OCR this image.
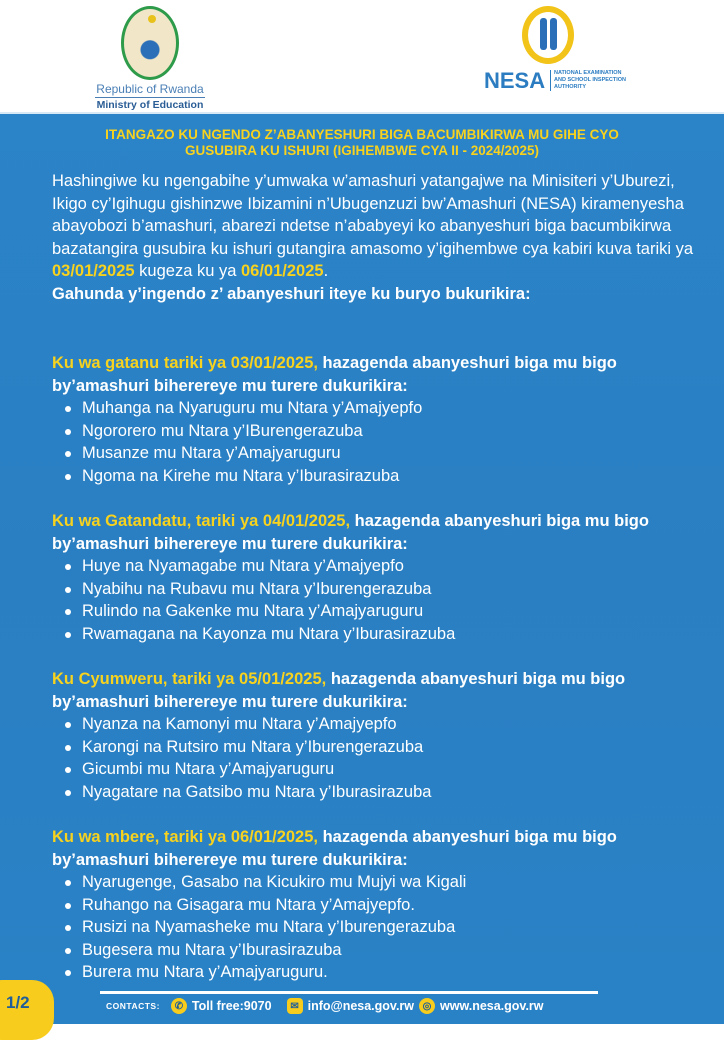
Republic of Rwanda
Ministry of Education
NESA	NATIONAL EXAMINATION AND SCHOOL INSPECTION AUTHORITY
ITANGAZO KU NGENDO Z’ABANYESHURI BIGA BACUMBIKIRWA MU GIHE CYO
GUSUBIRA KU ISHURI (IGIHEMBWE CYA II - 2024/2025)
Hashingiwe ku ngengabihe y’umwaka w’amashuri yatangajwe na Minisiteri y’Uburezi, Ikigo cy’Igihugu gishinzwe Ibizamini n’Ubugenzuzi bw’Amashuri (NESA) kiramenyesha abayobozi b’amashuri, abarezi ndetse n’ababyeyi ko abanyeshuri biga bacumbikirwa bazatangira gusubira ku ishuri gutangira amasomo y’igihembwe cya kabiri kuva tariki ya 03/01/2025 kugeza ku ya 06/01/2025.
Gahunda y’ingendo z’ abanyeshuri iteye ku buryo bukurikira:
Ku wa gatanu tariki ya 03/01/2025, hazagenda abanyeshuri biga mu bigo by’amashuri biherereye mu turere dukurikira:
Muhanga na Nyaruguru mu Ntara y’Amajyepfo
Ngororero mu Ntara y’IBurengerazuba
Musanze mu Ntara y’Amajyaruguru
Ngoma na Kirehe mu Ntara y’Iburasirazuba
Ku wa Gatandatu, tariki ya 04/01/2025, hazagenda abanyeshuri biga mu bigo by’amashuri biherereye mu turere dukurikira:
Huye na Nyamagabe mu Ntara y’Amajyepfo
Nyabihu na Rubavu mu Ntara y’Iburengerazuba
Rulindo na Gakenke mu Ntara y’Amajyaruguru
Rwamagana na Kayonza mu Ntara y’Iburasirazuba
Ku Cyumweru, tariki ya 05/01/2025, hazagenda abanyeshuri biga mu bigo by’amashuri biherereye mu turere dukurikira:
Nyanza na Kamonyi mu Ntara y’Amajyepfo
Karongi na Rutsiro mu Ntara y’Iburengerazuba
Gicumbi mu Ntara y’Amajyaruguru
Nyagatare na Gatsibo mu Ntara y’Iburasirazuba
Ku wa mbere, tariki ya 06/01/2025, hazagenda abanyeshuri biga mu bigo by’amashuri biherereye mu turere dukurikira:
Nyarugenge, Gasabo na Kicukiro mu Mujyi wa Kigali
Ruhango na Gisagara mu Ntara y’Amajyepfo.
Rusizi na Nyamasheke mu Ntara y’Iburengerazuba
Bugesera mu Ntara y’Iburasirazuba
Burera mu Ntara y’Amajyaruguru.
1/2	CONTACTS:	✆ Toll free:9070	✉ info@nesa.gov.rw ◎ www.nesa.gov.rw
